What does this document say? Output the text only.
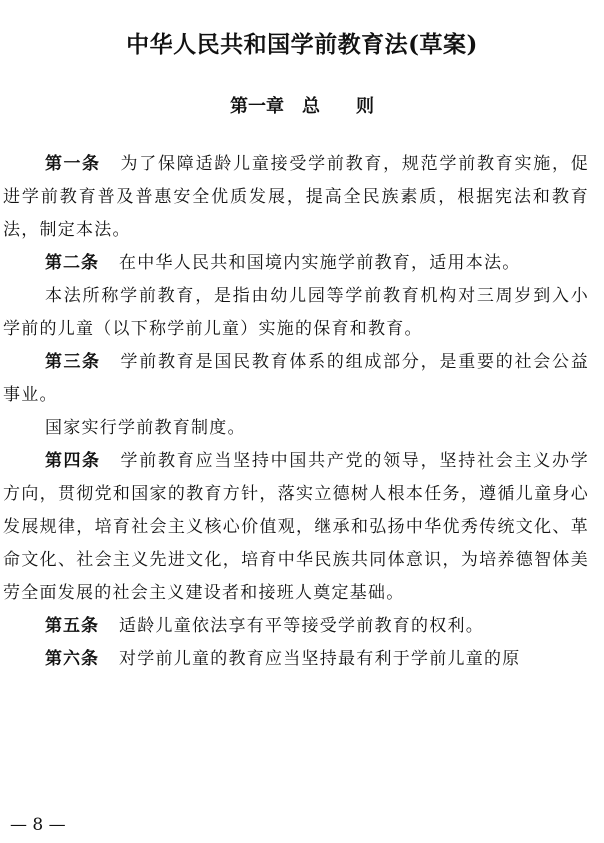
中华人民共和国学前教育法(草案)
第一章　总　　则

第一条 为了保障适龄儿童接受学前教育，规范学前教育实施，促进学前教育普及普惠安全优质发展，提高全民族素质，根据宪法和教育法，制定本法。

第二条 在中华人民共和国境内实施学前教育，适用本法。

本法所称学前教育，是指由幼儿园等学前教育机构对三周岁到入小学前的儿童（以下称学前儿童）实施的保育和教育。

第三条 学前教育是国民教育体系的组成部分，是重要的社会公益事业。

国家实行学前教育制度。

第四条 学前教育应当坚持中国共产党的领导，坚持社会主义办学方向，贯彻党和国家的教育方针，落实立德树人根本任务，遵循儿童身心发展规律，培育社会主义核心价值观，继承和弘扬中华优秀传统文化、革命文化、社会主义先进文化，培育中华民族共同体意识，为培养德智体美劳全面发展的社会主义建设者和接班人奠定基础。

第五条 适龄儿童依法享有平等接受学前教育的权利。

第六条 对学前儿童的教育应当坚持最有利于学前儿童的原

— 8 —
